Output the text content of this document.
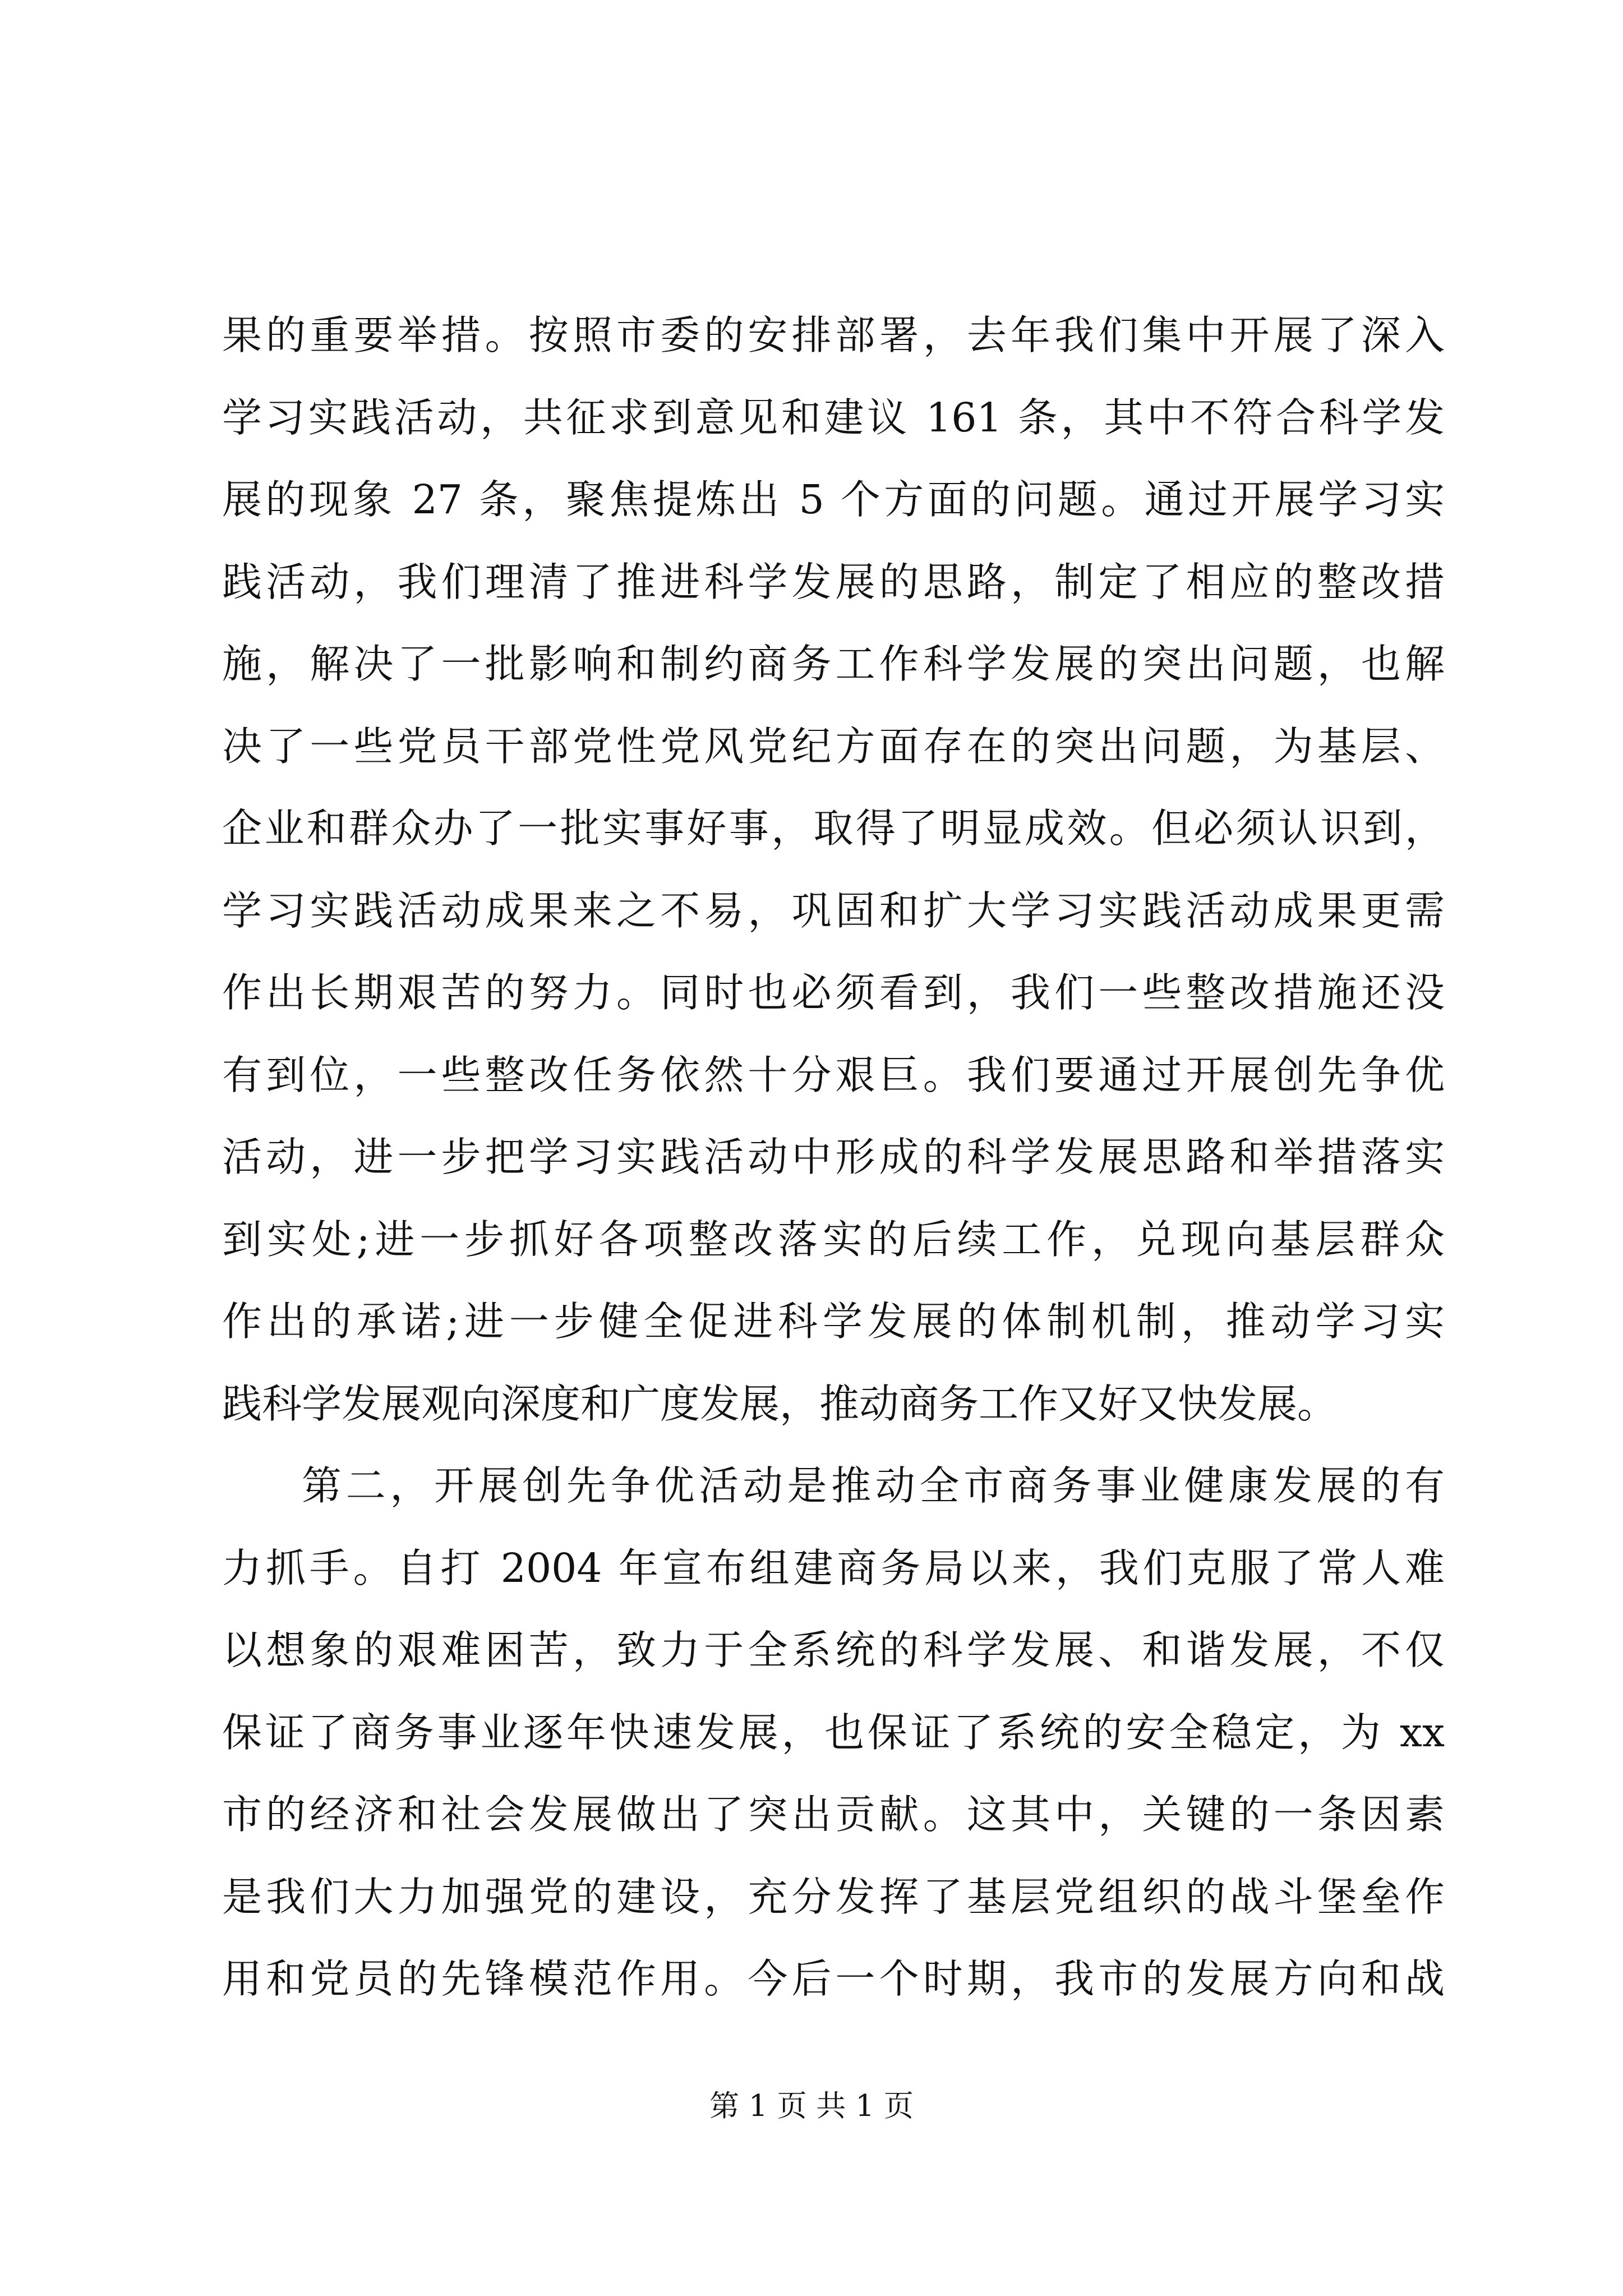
果的重要举措。按照市委的安排部署，去年我们集中开展了深入
学习实践活动，共征求到意见和建议 161 条，其中不符合科学发
展的现象 27 条，聚焦提炼出 5 个方面的问题。通过开展学习实
践活动，我们理清了推进科学发展的思路，制定了相应的整改措
施，解决了一批影响和制约商务工作科学发展的突出问题，也解
决了一些党员干部党性党风党纪方面存在的突出问题，为基层、
企业和群众办了一批实事好事，取得了明显成效。但必须认识到，
学习实践活动成果来之不易，巩固和扩大学习实践活动成果更需
作出长期艰苦的努力。同时也必须看到，我们一些整改措施还没
有到位，一些整改任务依然十分艰巨。我们要通过开展创先争优
活动，进一步把学习实践活动中形成的科学发展思路和举措落实
到实处;进一步抓好各项整改落实的后续工作，兑现向基层群众
作出的承诺;进一步健全促进科学发展的体制机制，推动学习实
践科学发展观向深度和广度发展，推动商务工作又好又快发展。
第二，开展创先争优活动是推动全市商务事业健康发展的有
力抓手。自打 2004 年宣布组建商务局以来，我们克服了常人难
以想象的艰难困苦，致力于全系统的科学发展、和谐发展，不仅
保证了商务事业逐年快速发展，也保证了系统的安全稳定，为 xx
市的经济和社会发展做出了突出贡献。这其中，关键的一条因素
是我们大力加强党的建设，充分发挥了基层党组织的战斗堡垒作
用和党员的先锋模范作用。今后一个时期，我市的发展方向和战
第 1 页 共 1 页
